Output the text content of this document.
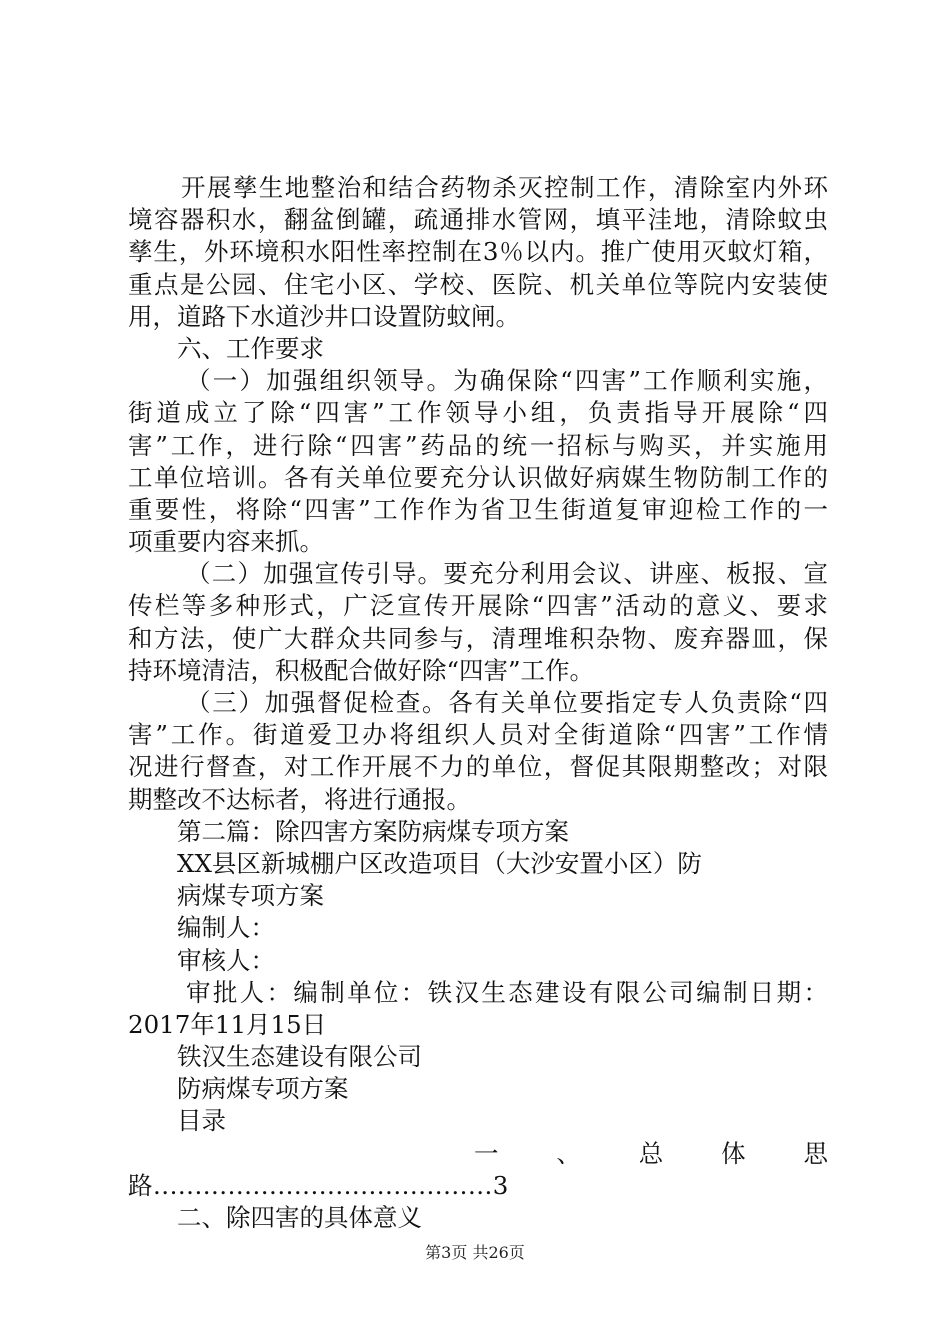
开展孳生地整治和结合药物杀灭控制工作，清除室内外环
境容器积水，翻盆倒罐，疏通排水管网，填平洼地，清除蚊虫
孳生，外环境积水阳性率控制在3％以内。推广使用灭蚊灯箱，
重点是公园、住宅小区、学校、医院、机关单位等院内安装使
用，道路下水道沙井口设置防蚊闸。
六、工作要求
（一）加强组织领导。为确保除“四害”工作顺利实施，
街道成立了除“四害”工作领导小组，负责指导开展除“四
害”工作，进行除“四害”药品的统一招标与购买，并实施用
工单位培训。各有关单位要充分认识做好病媒生物防制工作的
重要性，将除“四害”工作作为省卫生街道复审迎检工作的一
项重要内容来抓。
（二）加强宣传引导。要充分利用会议、讲座、板报、宣
传栏等多种形式，广泛宣传开展除“四害”活动的意义、要求
和方法，使广大群众共同参与，清理堆积杂物、废弃器皿，保
持环境清洁，积极配合做好除“四害”工作。
（三）加强督促检查。各有关单位要指定专人负责除“四
害”工作。街道爱卫办将组织人员对全街道除“四害”工作情
况进行督查，对工作开展不力的单位，督促其限期整改；对限
期整改不达标者，将进行通报。
第二篇：除四害方案防病煤专项方案
XX县区新城棚户区改造项目（大沙安置小区）防
病煤专项方案
编制人：
审核人：
审批人：编制单位：铁汉生态建设有限公司编制日期：
2017年11月15日
铁汉生态建设有限公司
防病煤专项方案
目录
一 、 总 体 思
路.........................................3
二、除四害的具体意义
第3页 共26页
